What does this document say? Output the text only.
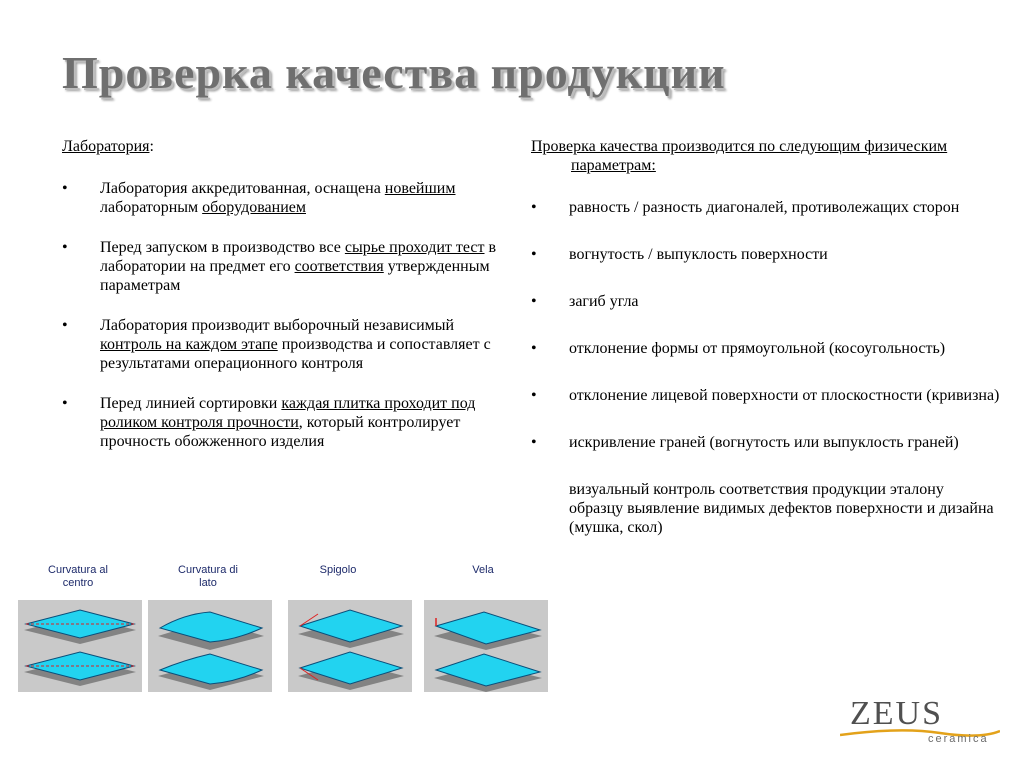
Проверка качества продукции

Лаборатория:

• Лаборатория аккредитованная, оснащена новейшим лабораторным оборудованием
• Перед запуском в производство все сырье проходит тест в лаборатории на предмет его соответствия утвержденным параметрам
• Лаборатория производит выборочный независимый контроль на каждом этапе производства и сопоставляет с результатами операционного контроля
• Перед линией сортировки каждая плитка проходит под роликом контроля прочности, который контролирует прочность обожженного изделия

Проверка качества производится по следующим физическим параметрам:

• равность / разность диагоналей, противолежащих сторон
• вогнутость / выпуклость поверхности
• загиб угла
• отклонение формы от прямоугольной (косоугольность)
• отклонение лицевой поверхности от плоскостности (кривизна)
• искривление граней (вогнутость или выпуклость граней)
визуальный контроль соответствия продукции эталону образцу выявление видимых дефектов поверхности и дизайна (мушка, скол)
Curvatura al
centro
Curvatura di
lato
Spigolo	Vela
ZEUS
ceramica
